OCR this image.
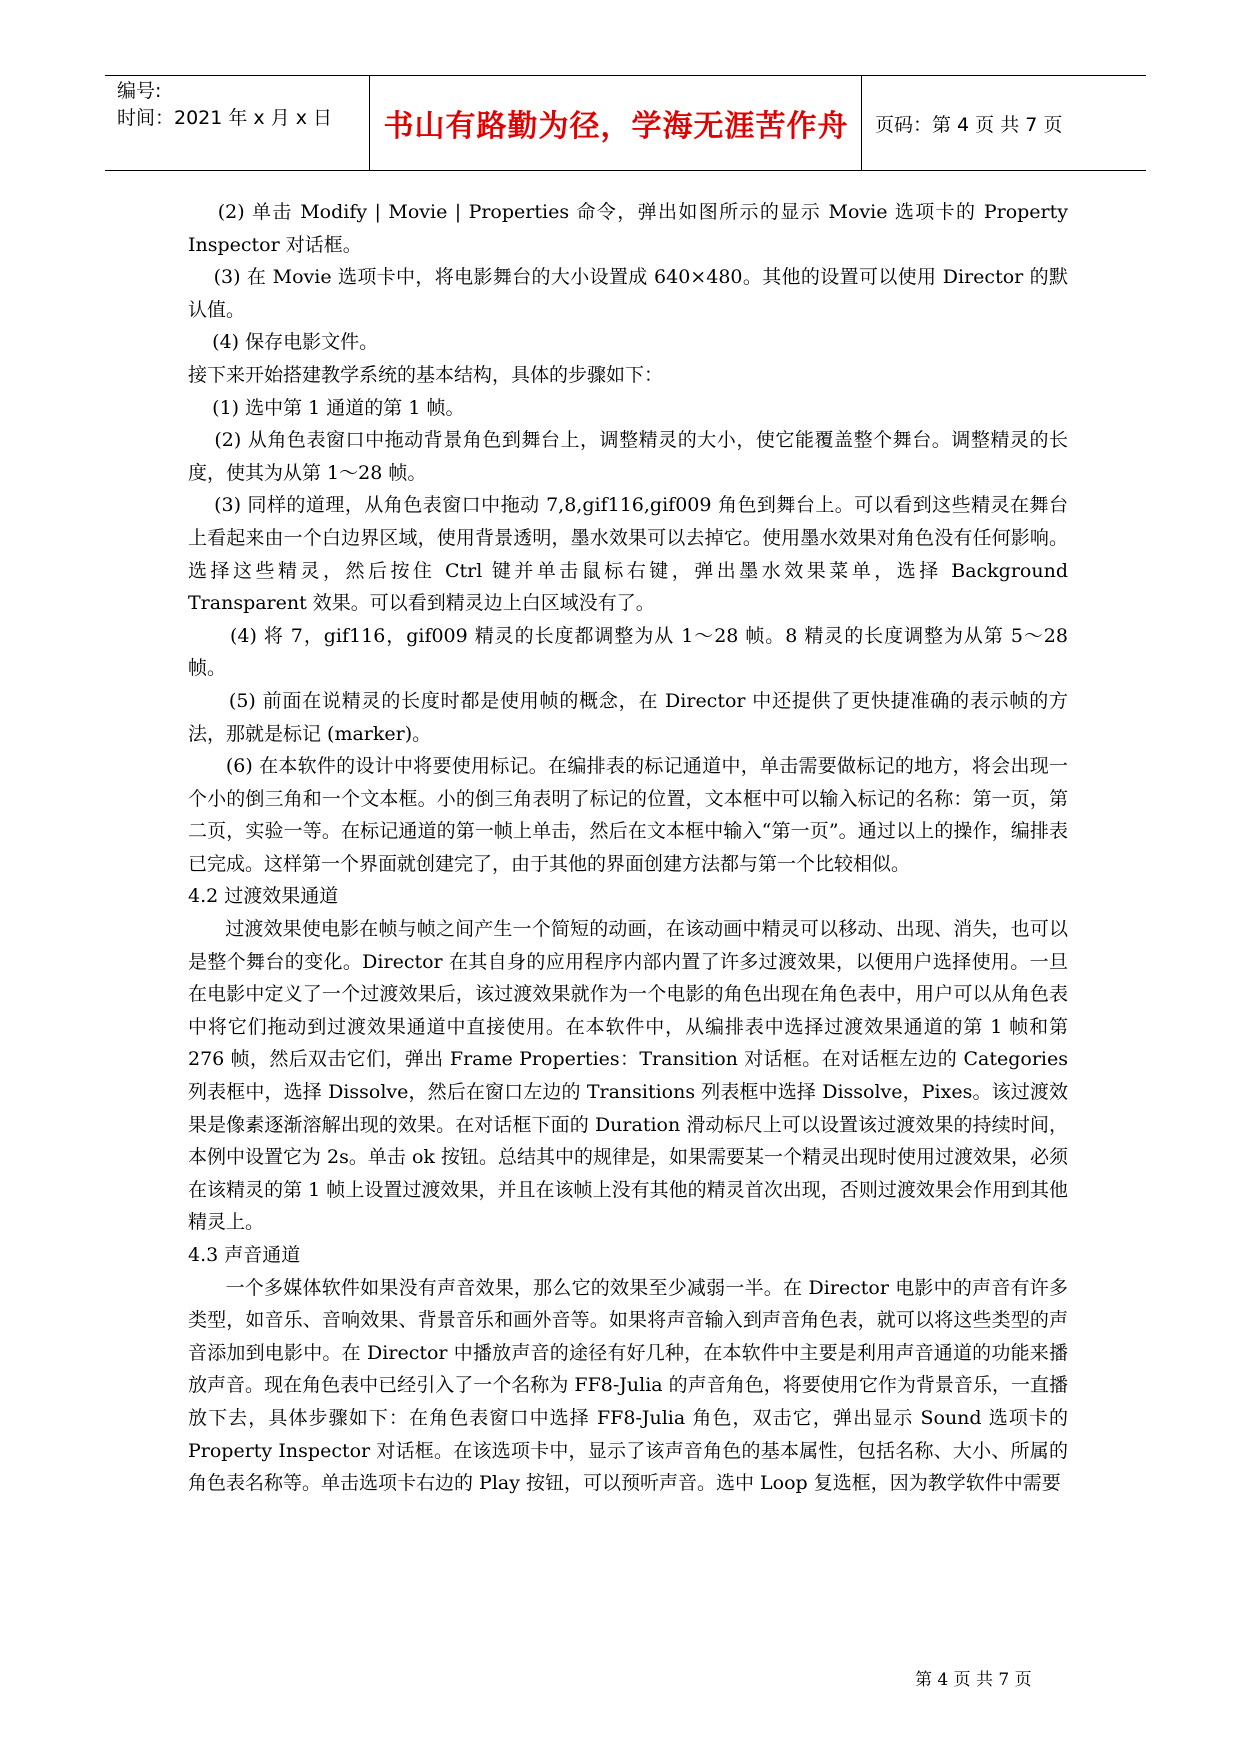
编号:
时间：2021 年 x 月 x 日	书山有路勤为径，学海无涯苦作舟	页码：第 4 页 共 7 页

(2) 单击 Modify | Movie | Properties 命令，弹出如图所示的显示 Movie 选项卡的 Property Inspector 对话框。

(3) 在 Movie 选项卡中，将电影舞台的大小设置成 640×480。其他的设置可以使用 Director 的默认值。

(4) 保存电影文件。

接下来开始搭建教学系统的基本结构，具体的步骤如下：

(1) 选中第 1 通道的第 1 帧。

(2) 从角色表窗口中拖动背景角色到舞台上，调整精灵的大小，使它能覆盖整个舞台。调整精灵的长度，使其为从第 1～28 帧。

(3) 同样的道理，从角色表窗口中拖动 7,8,gif116,gif009 角色到舞台上。可以看到这些精灵在舞台上看起来由一个白边界区域，使用背景透明，墨水效果可以去掉它。使用墨水效果对角色没有任何影响。选择这些精灵，然后按住 Ctrl 键并单击鼠标右键，弹出墨水效果菜单，选择 Background Transparent 效果。可以看到精灵边上白区域没有了。

(4) 将 7，gif116，gif009 精灵的长度都调整为从 1～28 帧。8 精灵的长度调整为从第 5～28 帧。

(5) 前面在说精灵的长度时都是使用帧的概念，在 Director 中还提供了更快捷准确的表示帧的方法，那就是标记 (marker)。

(6) 在本软件的设计中将要使用标记。在编排表的标记通道中，单击需要做标记的地方，将会出现一个小的倒三角和一个文本框。小的倒三角表明了标记的位置，文本框中可以输入标记的名称：第一页，第二页，实验一等。在标记通道的第一帧上单击，然后在文本框中输入“第一页”。通过以上的操作，编排表已完成。这样第一个界面就创建完了，由于其他的界面创建方法都与第一个比较相似。

4.2 过渡效果通道

过渡效果使电影在帧与帧之间产生一个简短的动画，在该动画中精灵可以移动、出现、消失，也可以是整个舞台的变化。Director 在其自身的应用程序内部内置了许多过渡效果，以便用户选择使用。一旦在电影中定义了一个过渡效果后，该过渡效果就作为一个电影的角色出现在角色表中，用户可以从角色表中将它们拖动到过渡效果通道中直接使用。在本软件中，从编排表中选择过渡效果通道的第 1 帧和第 276 帧，然后双击它们，弹出 Frame Properties：Transition 对话框。在对话框左边的 Categories 列表框中，选择 Dissolve，然后在窗口左边的 Transitions 列表框中选择 Dissolve，Pixes。该过渡效果是像素逐渐溶解出现的效果。在对话框下面的 Duration 滑动标尺上可以设置该过渡效果的持续时间，本例中设置它为 2s。单击 ok 按钮。总结其中的规律是，如果需要某一个精灵出现时使用过渡效果，必须在该精灵的第 1 帧上设置过渡效果，并且在该帧上没有其他的精灵首次出现，否则过渡效果会作用到其他精灵上。

4.3 声音通道

一个多媒体软件如果没有声音效果，那么它的效果至少减弱一半。在 Director 电影中的声音有许多类型，如音乐、音响效果、背景音乐和画外音等。如果将声音输入到声音角色表，就可以将这些类型的声音添加到电影中。在 Director 中播放声音的途径有好几种，在本软件中主要是利用声音通道的功能来播放声音。现在角色表中已经引入了一个名称为 FF8-Julia 的声音角色，将要使用它作为背景音乐，一直播放下去，具体步骤如下：在角色表窗口中选择 FF8-Julia 角色，双击它，弹出显示 Sound 选项卡的 Property Inspector 对话框。在该选项卡中，显示了该声音角色的基本属性，包括名称、大小、所属的角色表名称等。单击选项卡右边的 Play 按钮，可以预听声音。选中 Loop 复选框，因为教学软件中需要

第 4 页 共 7 页
